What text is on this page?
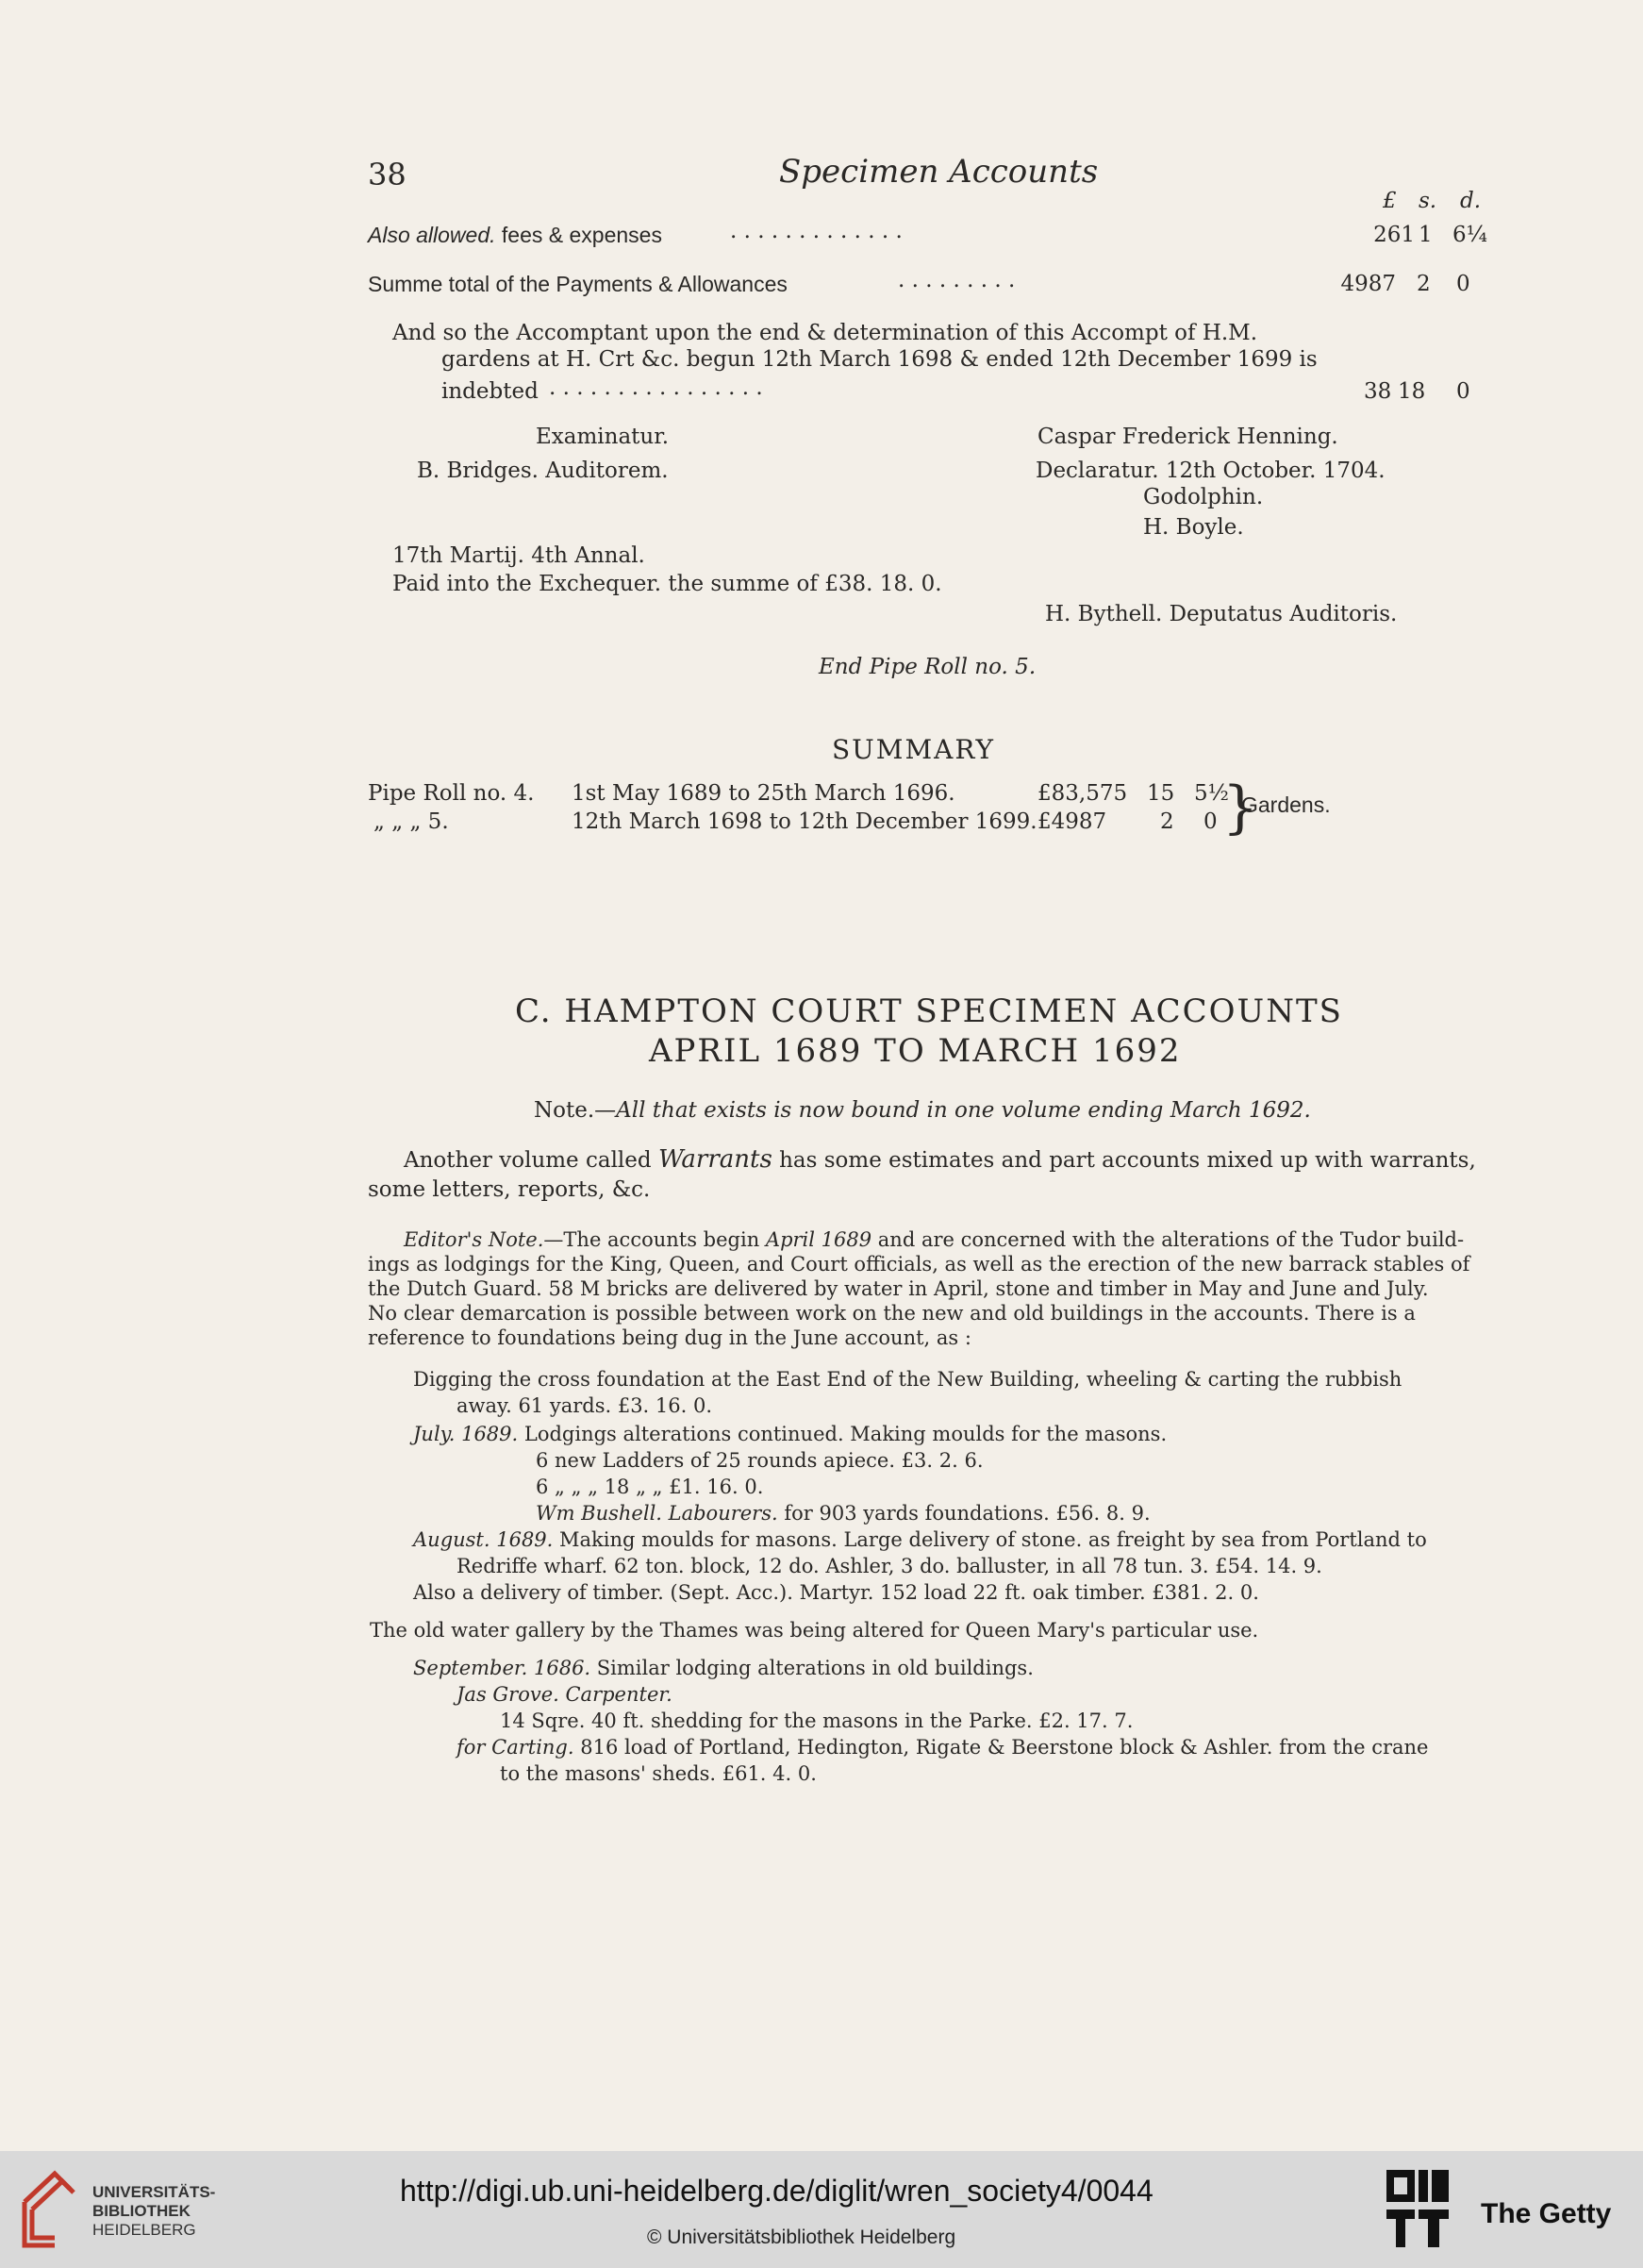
38	Specimen Accounts
£ s. d.
Also allowed. fees & expenses	. . . . . . . . . . . . .	261 1 6¼
Summe total of the Payments & Allowances	. . . . . . . . .	4987 2 0
And so the Accomptant upon the end & determination of this Accompt of H.M.
gardens at H. Crt &c. begun 12th March 1698 & ended 12th December 1699 is
indebted . . . . . . . . . . . . . . . .	38 18 0
Examinatur.
B. Bridges. Auditorem.
Caspar Frederick Henning.
Declaratur. 12th October. 1704.
Godolphin.
H. Boyle.
17th Martij. 4th Annal.
Paid into the Exchequer. the summe of £38. 18. 0.
H. Bythell. Deputatus Auditoris.
End Pipe Roll no. 5.
SUMMARY
Pipe Roll no. 4. 1st May 1689 to 25th March 1696.	£83,575 15 5½
„ „ „ 5.	12th March 1698 to 12th December 1699. £4987 2 0 }
Gardens.
C. HAMPTON COURT SPECIMEN ACCOUNTS
APRIL 1689 TO MARCH 1692
Note.—All that exists is now bound in one volume ending March 1692.
Another volume called Warrants has some estimates and part accounts mixed up with warrants,
some letters, reports, &c.
Editor's Note.—The accounts begin April 1689 and are concerned with the alterations of the Tudor build-
ings as lodgings for the King, Queen, and Court officials, as well as the erection of the new barrack stables of
the Dutch Guard. 58 M bricks are delivered by water in April, stone and timber in May and June and July.
No clear demarcation is possible between work on the new and old buildings in the accounts. There is a
reference to foundations being dug in the June account, as :
Digging the cross foundation at the East End of the New Building, wheeling & carting the rubbish
away. 61 yards. £3. 16. 0.
July. 1689. Lodgings alterations continued. Making moulds for the masons.
6 new Ladders of 25 rounds apiece. £3. 2. 6.
6 „ „ „ 18 „ „ £1. 16. 0.
Wm Bushell. Labourers. for 903 yards foundations. £56. 8. 9.
August. 1689. Making moulds for masons. Large delivery of stone. as freight by sea from Portland to
Redriffe wharf. 62 ton. block, 12 do. Ashler, 3 do. balluster, in all 78 tun. 3. £54. 14. 9.
Also a delivery of timber. (Sept. Acc.). Martyr. 152 load 22 ft. oak timber. £381. 2. 0.
The old water gallery by the Thames was being altered for Queen Mary's particular use.
September. 1686. Similar lodging alterations in old buildings.
Jas Grove. Carpenter.
14 Sqre. 40 ft. shedding for the masons in the Parke. £2. 17. 7.
for Carting. 816 load of Portland, Hedington, Rigate & Beerstone block & Ashler. from the crane
to the masons' sheds. £61. 4. 0.
UNIVERSITÄTS-
BIBLIOTHEK
HEIDELBERG
http://digi.ub.uni-heidelberg.de/diglit/wren_society4/0044
© Universitätsbibliothek Heidelberg
The Getty
